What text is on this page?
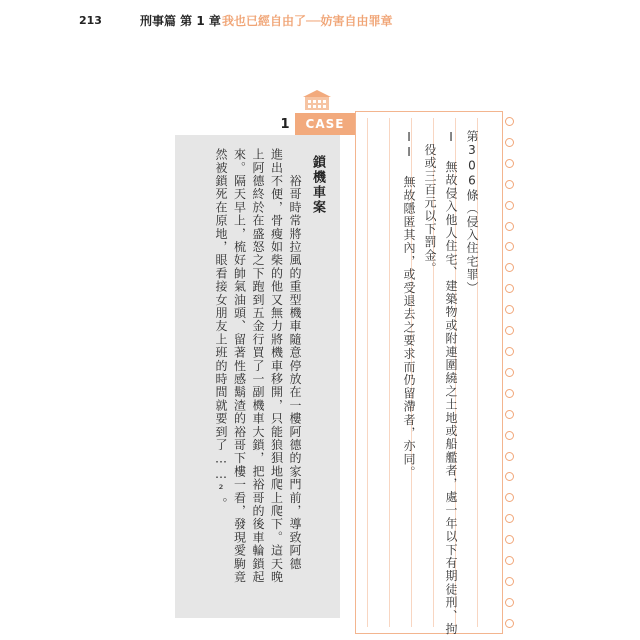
213	刑事篇 第 1 章 我也已經自由了──妨害自由罪章
1	CASE
鎖機車案
　　裕哥時常將拉風的重型機車隨意停放在一樓阿德的家門前，導致阿德
進出不便，骨瘦如柴的他又無力將機車移開，只能狼狽地爬上爬下。這天晚
上阿德終於在盛怒之下跑到五金行買了一副機車大鎖，把裕哥的後車輪鎖起
來。隔天早上，梳好帥氣油頭、留著性感鬍渣的裕哥下樓一看，發現愛駒竟
然被鎖死在原地，眼看接女朋友上班的時間就要到了……²。	第306條（侵入住宅罪）
I 無故侵入他人住宅、建築物或附連圍繞之土地或船艦者，處一年以下有期徒刑、拘
　役或三百元以下罰金。
II 無故隱匿其內，或受退去之要求而仍留滯者，亦同。
